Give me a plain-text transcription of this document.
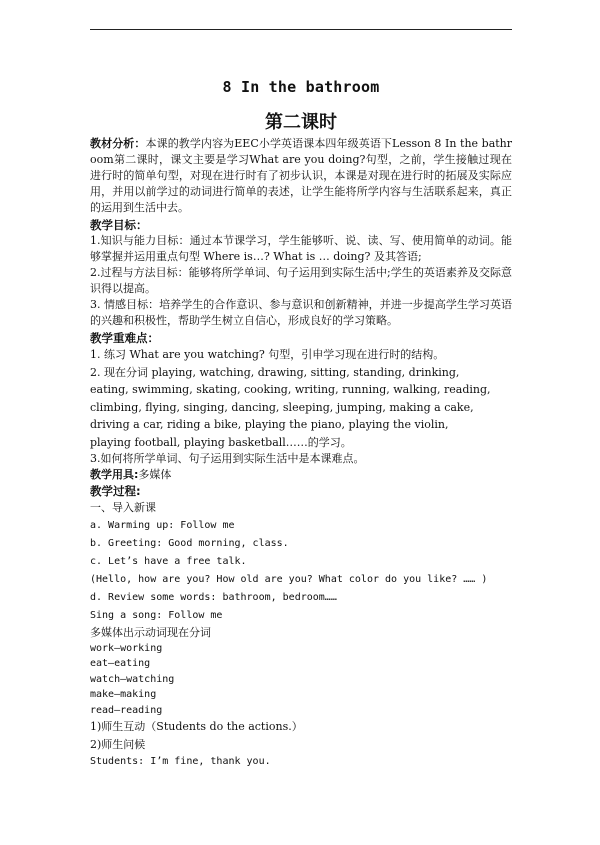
8 In the bathroom
第二课时

教材分析：本课的教学内容为EEC小学英语课本四年级英语下Lesson 8 In the bathroom第二课时，课文主要是学习What are you doing?句型，之前，学生接触过现在进行时的简单句型，对现在进行时有了初步认识，本课是对现在进行时的拓展及实际应用，并用以前学过的动词进行简单的表述，让学生能将所学内容与生活联系起来，真正的运用到生活中去。

教学目标：

1.知识与能力目标：通过本节课学习，学生能够听、说、读、写、使用简单的动词。能够掌握并运用重点句型 Where is…? What is … doing? 及其答语;

2.过程与方法目标：能够将所学单词、句子运用到实际生活中;学生的英语素养及交际意识得以提高。

3. 情感目标：培养学生的合作意识、参与意识和创新精神，并进一步提高学生学习英语的兴趣和积极性，帮助学生树立自信心，形成良好的学习策略。

教学重难点：

1. 练习 What are you watching? 句型，引申学习现在进行时的结构。

2. 现在分词 playing, watching, drawing, sitting, standing, drinking,

eating, swimming, skating, cooking, writing, running, walking, reading,

climbing, flying, singing, dancing, sleeping, jumping, making a cake,

driving a car, riding a bike, playing the piano, playing the violin,

playing football, playing basketball……的学习。

3.如何将所学单词、句子运用到实际生活中是本课难点。

教学用具:多媒体

教学过程:

一、导入新课

a. Warming up: Follow me

b. Greeting: Good morning, class.

c. Let’s have a free talk.

(Hello, how are you? How old are you? What color do you like? …… )

d. Review some words: bathroom, bedroom……

Sing a song: Follow me

多媒体出示动词现在分词

work—working

eat—eating

watch—watching

make—making

read—reading

1)师生互动（Students do the actions.）

2)师生问候

Students: I’m fine, thank you.
